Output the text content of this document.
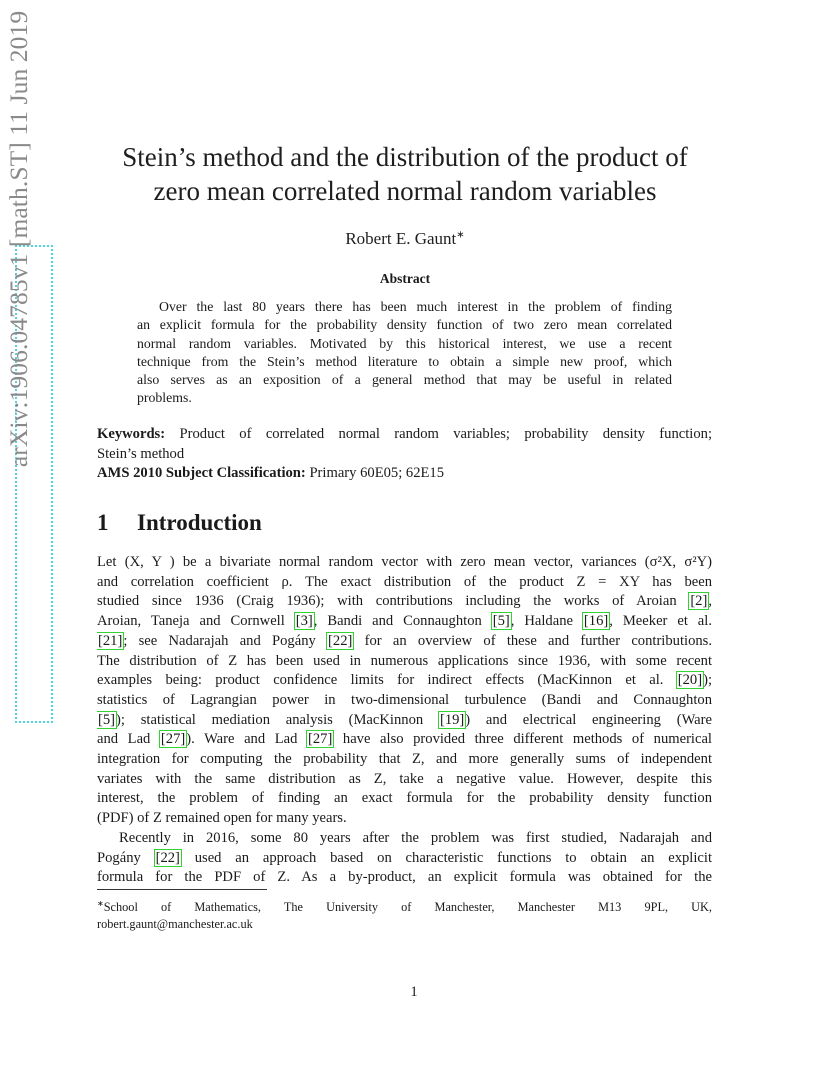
arXiv:1906.04785v1 [math.ST] 11 Jun 2019	Stein’s method and the distribution of the product of
zero mean correlated normal random variables
Robert E. Gaunt∗
Abstract
Over the last 80 years there has been much interest in the problem of finding
an explicit formula for the probability density function of two zero mean correlated
normal random variables. Motivated by this historical interest, we use a recent
technique from the Stein’s method literature to obtain a simple new proof, which
also serves as an exposition of a general method that may be useful in related
problems.
Keywords: Product of correlated normal random variables; probability density function;
Stein’s method
AMS 2010 Subject Classification: Primary 60E05; 62E15
1 Introduction
Let (X, Y ) be a bivariate normal random vector with zero mean vector, variances (σ²X, σ²Y)
and correlation coefficient ρ. The exact distribution of the product Z = XY has been
studied since 1936 (Craig 1936); with contributions including the works of Aroian [2],
Aroian, Taneja and Cornwell [3], Bandi and Connaughton [5], Haldane [16], Meeker et al.
[21]; see Nadarajah and Pogány [22] for an overview of these and further contributions.
The distribution of Z has been used in numerous applications since 1936, with some recent
examples being: product confidence limits for indirect effects (MacKinnon et al. [20]);
statistics of Lagrangian power in two-dimensional turbulence (Bandi and Connaughton
[5]); statistical mediation analysis (MacKinnon [19]) and electrical engineering (Ware
and Lad [27]). Ware and Lad [27] have also provided three different methods of numerical
integration for computing the probability that Z, and more generally sums of independent
variates with the same distribution as Z, take a negative value. However, despite this
interest, the problem of finding an exact formula for the probability density function
(PDF) of Z remained open for many years.
Recently in 2016, some 80 years after the problem was first studied, Nadarajah and
Pogány [22] used an approach based on characteristic functions to obtain an explicit
formula for the PDF of Z. As a by-product, an explicit formula was obtained for the
∗School of Mathematics, The University of Manchester, Manchester M13 9PL, UK,
robert.gaunt@manchester.ac.uk
1
